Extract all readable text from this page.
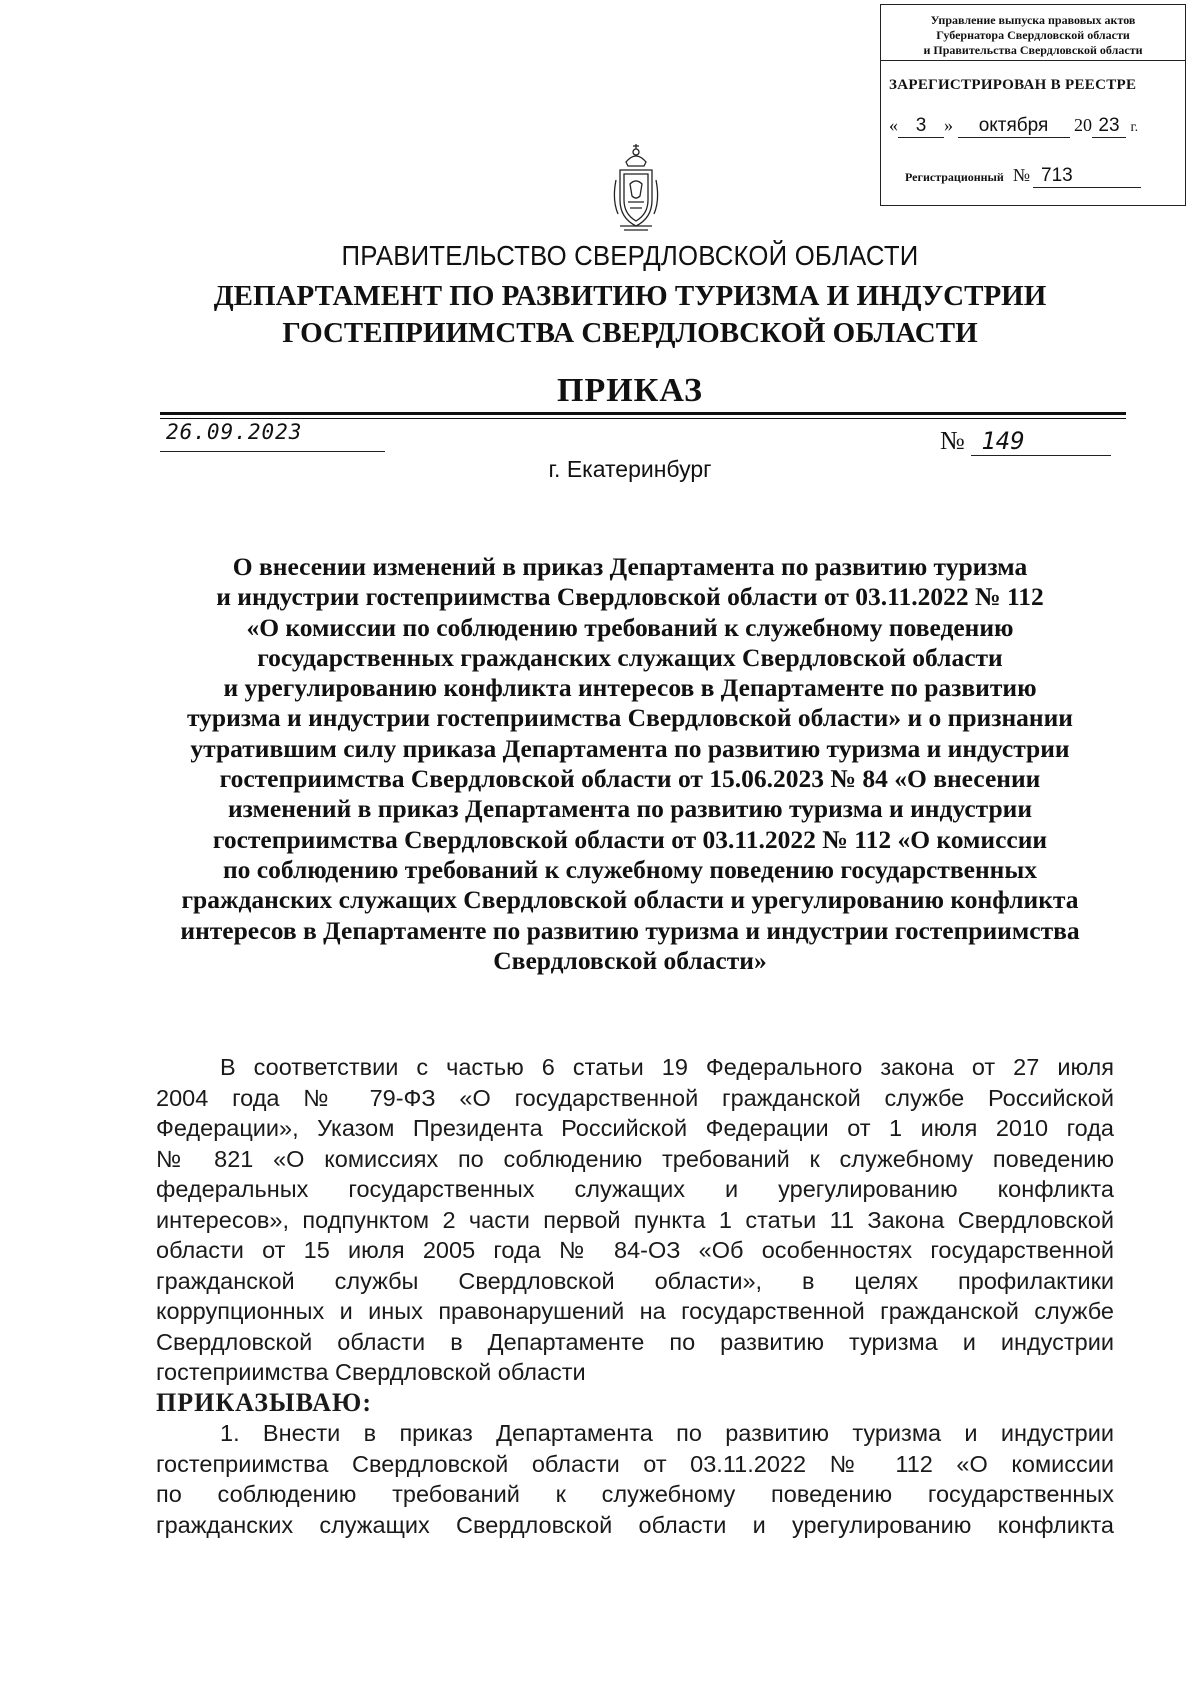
Управление выпуска правовых актов
Губернатора Свердловской области
и Правительства Свердловской области
ЗАРЕГИСТРИРОВАН В РЕЕСТРЕ
« 3 » октября 20 23 г.
Регистрационный № 713
ПРАВИТЕЛЬСТВО СВЕРДЛОВСКОЙ ОБЛАСТИ
ДЕПАРТАМЕНТ ПО РАЗВИТИЮ ТУРИЗМА И ИНДУСТРИИ
ГОСТЕПРИИМСТВА СВЕРДЛОВСКОЙ ОБЛАСТИ
ПРИКАЗ
26.09.2023	№ 149
г. Екатеринбург
О внесении изменений в приказ Департамента по развитию туризма
и индустрии гостеприимства Свердловской области от 03.11.2022 № 112
«О комиссии по соблюдению требований к служебному поведению
государственных гражданских служащих Свердловской области
и урегулированию конфликта интересов в Департаменте по развитию
туризма и индустрии гостеприимства Свердловской области» и о признании
утратившим силу приказа Департамента по развитию туризма и индустрии
гостеприимства Свердловской области от 15.06.2023 № 84 «О внесении
изменений в приказ Департамента по развитию туризма и индустрии
гостеприимства Свердловской области от 03.11.2022 № 112 «О комиссии
по соблюдению требований к служебному поведению государственных
гражданских служащих Свердловской области и урегулированию конфликта
интересов в Департаменте по развитию туризма и индустрии гостеприимства
Свердловской области»
В соответствии с частью 6 статьи 19 Федерального закона от 27 июля
2004 года № 79-ФЗ «О государственной гражданской службе Российской
Федерации», Указом Президента Российской Федерации от 1 июля 2010 года
№ 821 «О комиссиях по соблюдению требований к служебному поведению
федеральных государственных служащих и урегулированию конфликта
интересов», подпунктом 2 части первой пункта 1 статьи 11 Закона Свердловской
области от 15 июля 2005 года № 84-ОЗ «Об особенностях государственной
гражданской службы Свердловской области», в целях профилактики
коррупционных и иных правонарушений на государственной гражданской службе
Свердловской области в Департаменте по развитию туризма и индустрии
гостеприимства Свердловской области
ПРИКАЗЫВАЮ:
1. Внести в приказ Департамента по развитию туризма и индустрии
гостеприимства Свердловской области от 03.11.2022 № 112 «О комиссии
по соблюдению требований к служебному поведению государственных
гражданских служащих Свердловской области и урегулированию конфликта
